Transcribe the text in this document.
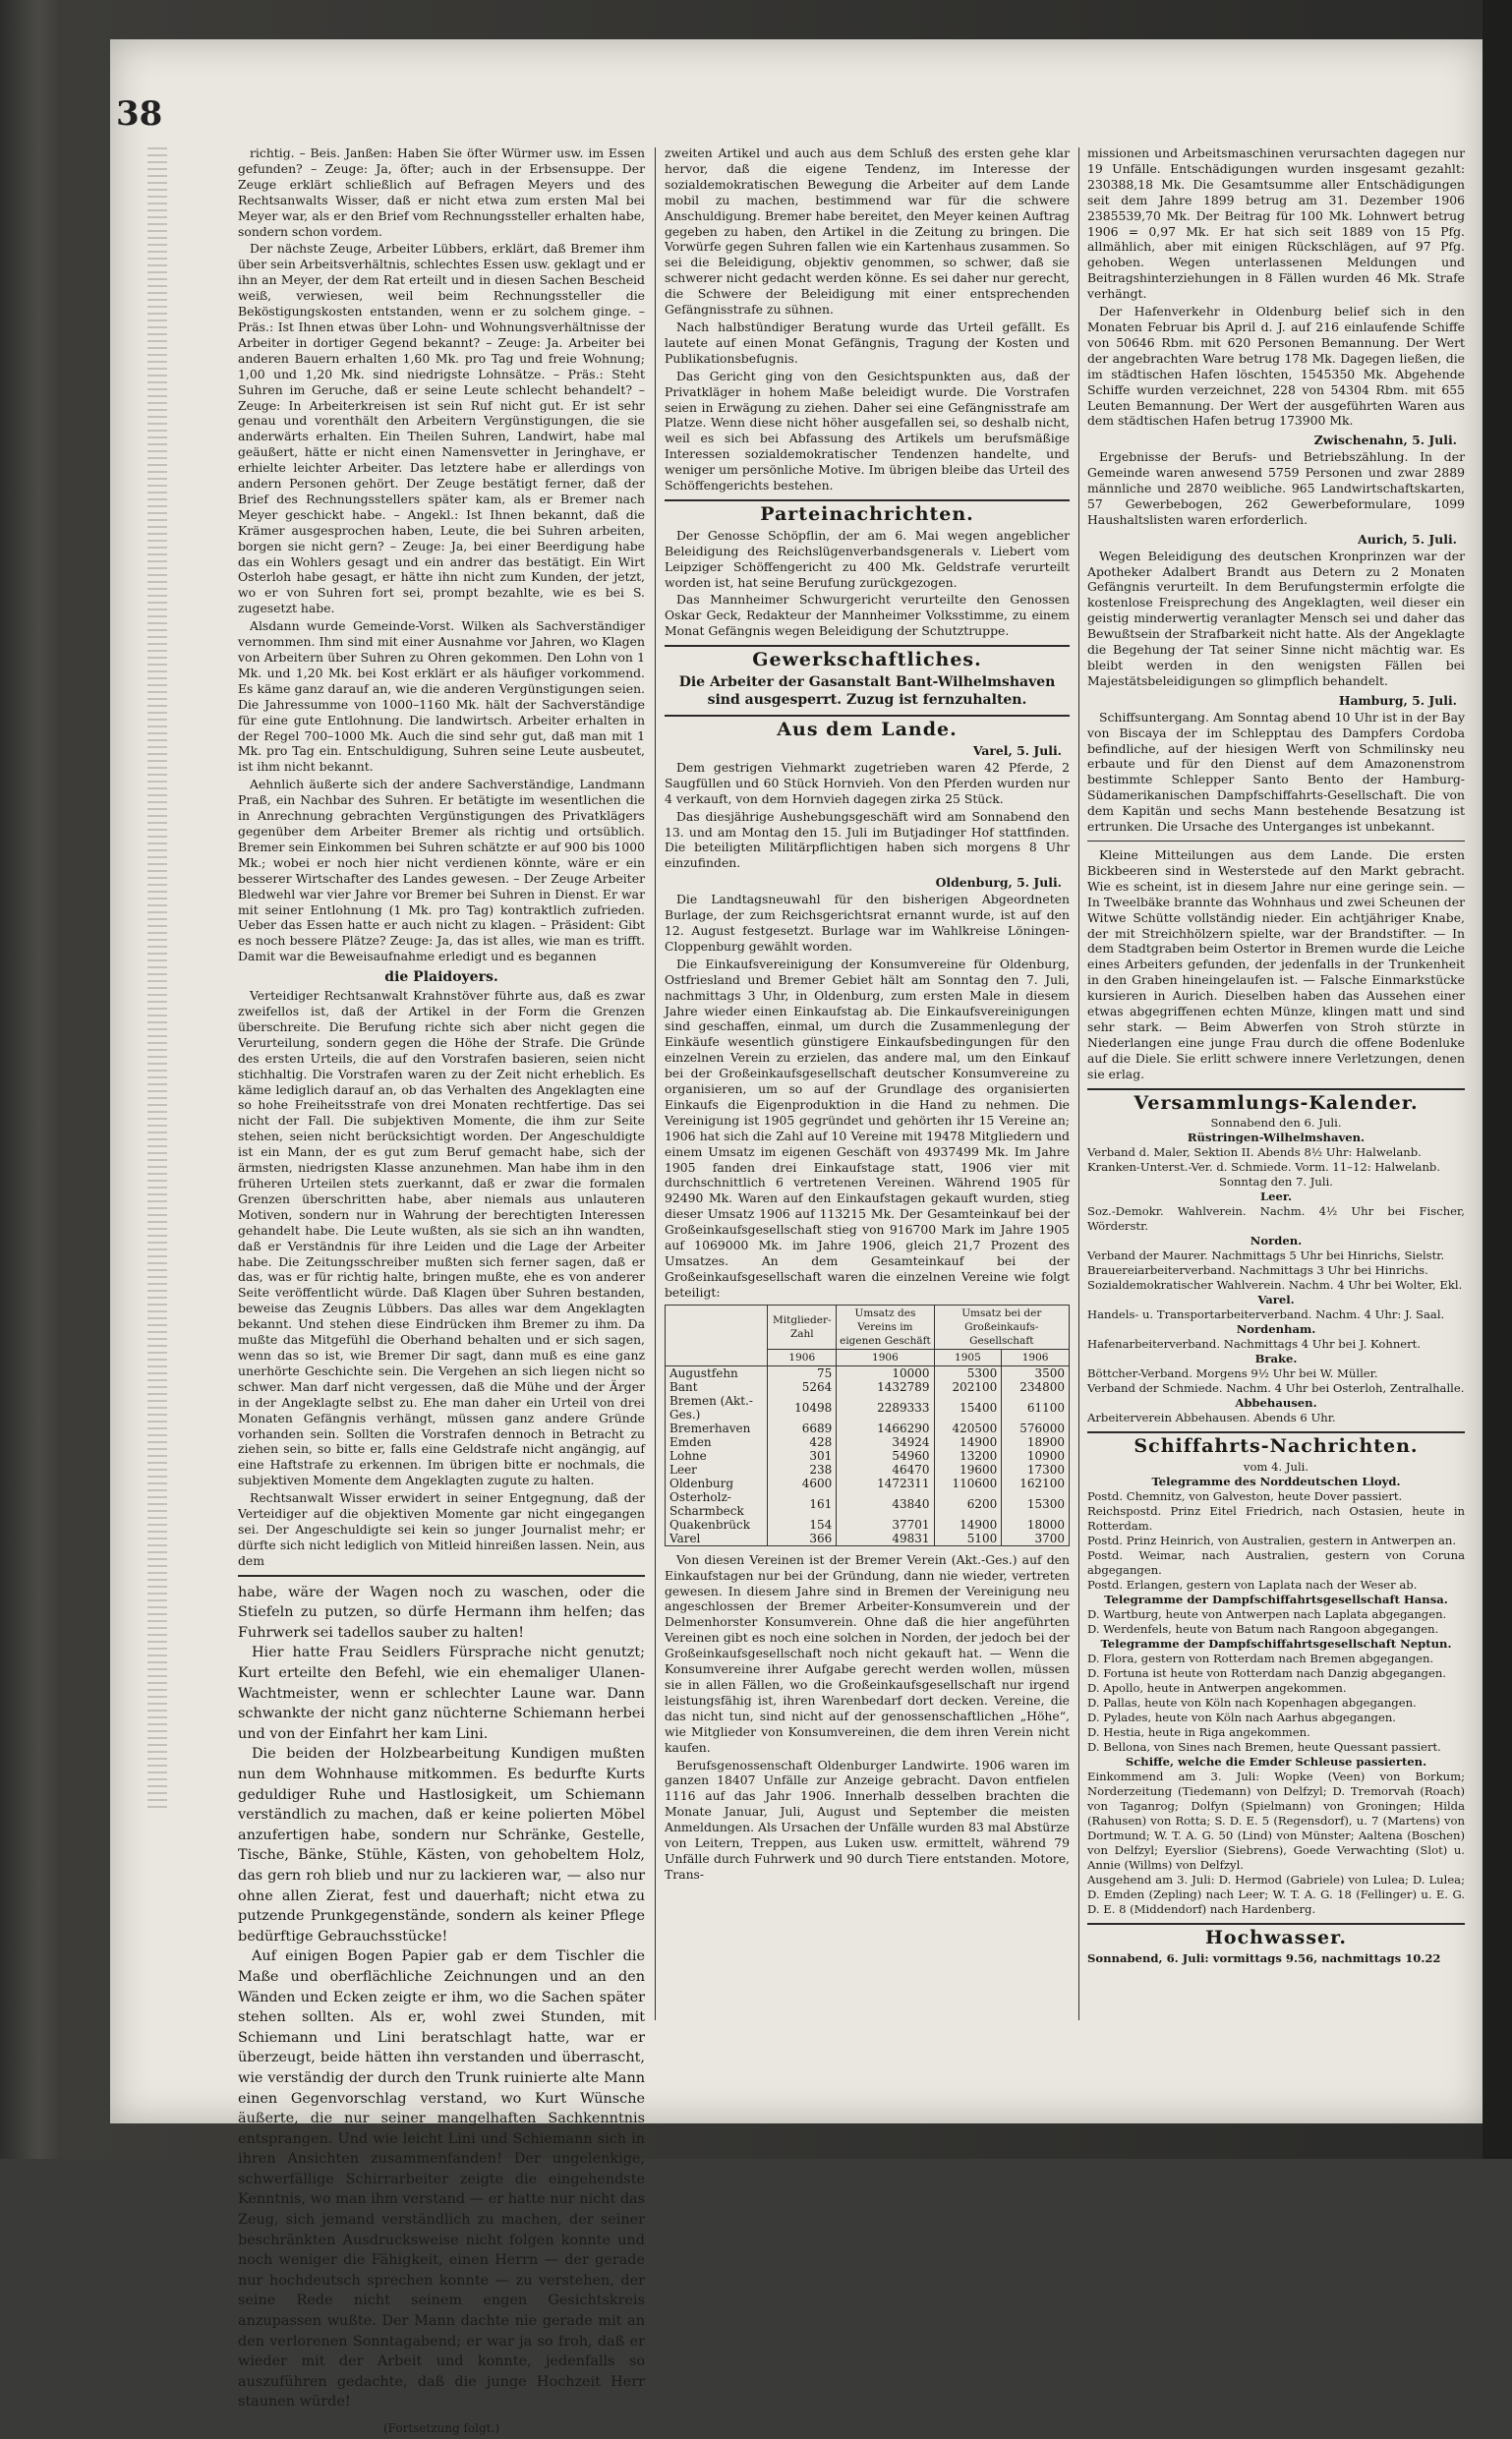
38

richtig. – Beis. Janßen: Haben Sie öfter Würmer usw. im Essen gefunden? – Zeuge: Ja, öfter; auch in der Erbsensuppe. Der Zeuge erklärt schließlich auf Befragen Meyers und des Rechtsanwalts Wisser, daß er nicht etwa zum ersten Mal bei Meyer war, als er den Brief vom Rechnungssteller erhalten habe, sondern schon vordem.

Der nächste Zeuge, Arbeiter Lübbers, erklärt, daß Bremer ihm über sein Arbeitsverhältnis, schlechtes Essen usw. geklagt und er ihn an Meyer, der dem Rat erteilt und in diesen Sachen Bescheid weiß, verwiesen, weil beim Rechnungssteller die Beköstigungskosten entstanden, wenn er zu solchem ginge. – Präs.: Ist Ihnen etwas über Lohn- und Wohnungsverhältnisse der Arbeiter in dortiger Gegend bekannt? – Zeuge: Ja. Arbeiter bei anderen Bauern erhalten 1,60 Mk. pro Tag und freie Wohnung; 1,00 und 1,20 Mk. sind niedrigste Lohnsätze. – Präs.: Steht Suhren im Geruche, daß er seine Leute schlecht behandelt? – Zeuge: In Arbeiterkreisen ist sein Ruf nicht gut. Er ist sehr genau und vorenthält den Arbeitern Vergünstigungen, die sie anderwärts erhalten. Ein Theilen Suhren, Landwirt, habe mal geäußert, hätte er nicht einen Namensvetter in Jeringhave, er erhielte leichter Arbeiter. Das letztere habe er allerdings von andern Personen gehört. Der Zeuge bestätigt ferner, daß der Brief des Rechnungsstellers später kam, als er Bremer nach Meyer geschickt habe. – Angekl.: Ist Ihnen bekannt, daß die Krämer ausgesprochen haben, Leute, die bei Suhren arbeiten, borgen sie nicht gern? – Zeuge: Ja, bei einer Beerdigung habe das ein Wohlers gesagt und ein andrer das bestätigt. Ein Wirt Osterloh habe gesagt, er hätte ihn nicht zum Kunden, der jetzt, wo er von Suhren fort sei, prompt bezahlte, wie es bei S. zugesetzt habe.

Alsdann wurde Gemeinde-Vorst. Wilken als Sachverständiger vernommen. Ihm sind mit einer Ausnahme vor Jahren, wo Klagen von Arbeitern über Suhren zu Ohren gekommen. Den Lohn von 1 Mk. und 1,20 Mk. bei Kost erklärt er als häufiger vorkommend. Es käme ganz darauf an, wie die anderen Vergünstigungen seien. Die Jahressumme von 1000–1160 Mk. hält der Sachverständige für eine gute Entlohnung. Die landwirtsch. Arbeiter erhalten in der Regel 700–1000 Mk. Auch die sind sehr gut, daß man mit 1 Mk. pro Tag ein. Entschuldigung, Suhren seine Leute ausbeutet, ist ihm nicht bekannt.

Aehnlich äußerte sich der andere Sachverständige, Landmann Praß, ein Nachbar des Suhren. Er betätigte im wesentlichen die in Anrechnung gebrachten Vergünstigungen des Privatklägers gegenüber dem Arbeiter Bremer als richtig und ortsüblich. Bremer sein Einkommen bei Suhren schätzte er auf 900 bis 1000 Mk.; wobei er noch hier nicht verdienen könnte, wäre er ein besserer Wirtschafter des Landes gewesen. – Der Zeuge Arbeiter Bledwehl war vier Jahre vor Bremer bei Suhren in Dienst. Er war mit seiner Entlohnung (1 Mk. pro Tag) kontraktlich zufrieden. Ueber das Essen hatte er auch nicht zu klagen. – Präsident: Gibt es noch bessere Plätze? Zeuge: Ja, das ist alles, wie man es trifft. Damit war die Beweisaufnahme erledigt und es begannen

die Plaidoyers.

Verteidiger Rechtsanwalt Krahnstöver führte aus, daß es zwar zweifellos ist, daß der Artikel in der Form die Grenzen überschreite. Die Berufung richte sich aber nicht gegen die Verurteilung, sondern gegen die Höhe der Strafe. Die Gründe des ersten Urteils, die auf den Vorstrafen basieren, seien nicht stichhaltig. Die Vorstrafen waren zu der Zeit nicht erheblich. Es käme lediglich darauf an, ob das Verhalten des Angeklagten eine so hohe Freiheitsstrafe von drei Monaten rechtfertige. Das sei nicht der Fall. Die subjektiven Momente, die ihm zur Seite stehen, seien nicht berücksichtigt worden. Der Angeschuldigte ist ein Mann, der es gut zum Beruf gemacht habe, sich der ärmsten, niedrigsten Klasse anzunehmen. Man habe ihm in den früheren Urteilen stets zuerkannt, daß er zwar die formalen Grenzen überschritten habe, aber niemals aus unlauteren Motiven, sondern nur in Wahrung der berechtigten Interessen gehandelt habe. Die Leute wußten, als sie sich an ihn wandten, daß er Verständnis für ihre Leiden und die Lage der Arbeiter habe. Die Zeitungsschreiber mußten sich ferner sagen, daß er das, was er für richtig halte, bringen mußte, ehe es von anderer Seite veröffentlicht würde. Daß Klagen über Suhren bestanden, beweise das Zeugnis Lübbers. Das alles war dem Angeklagten bekannt. Und stehen diese Eindrücken ihm Bremer zu ihm. Da mußte das Mitgefühl die Oberhand behalten und er sich sagen, wenn das so ist, wie Bremer Dir sagt, dann muß es eine ganz unerhörte Geschichte sein. Die Vergehen an sich liegen nicht so schwer. Man darf nicht vergessen, daß die Mühe und der Ärger in der Angeklagte selbst zu. Ehe man daher ein Urteil von drei Monaten Gefängnis verhängt, müssen ganz andere Gründe vorhanden sein. Sollten die Vorstrafen dennoch in Betracht zu ziehen sein, so bitte er, falls eine Geldstrafe nicht angängig, auf eine Haftstrafe zu erkennen. Im übrigen bitte er nochmals, die subjektiven Momente dem Angeklagten zugute zu halten.

Rechtsanwalt Wisser erwidert in seiner Entgegnung, daß der Verteidiger auf die objektiven Momente gar nicht eingegangen sei. Der Angeschuldigte sei kein so junger Journalist mehr; er dürfte sich nicht lediglich von Mitleid hinreißen lassen. Nein, aus dem

habe, wäre der Wagen noch zu waschen, oder die Stiefeln zu putzen, so dürfe Hermann ihm helfen; das Fuhrwerk sei tadellos sauber zu halten!

Hier hatte Frau Seidlers Fürsprache nicht genutzt; Kurt erteilte den Befehl, wie ein ehemaliger Ulanen-Wachtmeister, wenn er schlechter Laune war. Dann schwankte der nicht ganz nüchterne Schiemann herbei und von der Einfahrt her kam Lini.

Die beiden der Holzbearbeitung Kundigen mußten nun dem Wohnhause mitkommen. Es bedurfte Kurts geduldiger Ruhe und Hastlosigkeit, um Schiemann verständlich zu machen, daß er keine polierten Möbel anzufertigen habe, sondern nur Schränke, Gestelle, Tische, Bänke, Stühle, Kästen, von gehobeltem Holz, das gern roh blieb und nur zu lackieren war, — also nur ohne allen Zierat, fest und dauerhaft; nicht etwa zu putzende Prunkgegenstände, sondern als keiner Pflege bedürftige Gebrauchsstücke!

Auf einigen Bogen Papier gab er dem Tischler die Maße und oberflächliche Zeichnungen und an den Wänden und Ecken zeigte er ihm, wo die Sachen später stehen sollten. Als er, wohl zwei Stunden, mit Schiemann und Lini beratschlagt hatte, war er überzeugt, beide hätten ihn verstanden und überrascht, wie verständig der durch den Trunk ruinierte alte Mann einen Gegenvorschlag verstand, wo Kurt Wünsche äußerte, die nur seiner mangelhaften Sachkenntnis entsprangen. Und wie leicht Lini und Schiemann sich in ihren Ansichten zusammenfanden! Der ungelenkige, schwerfällige Schirrarbeiter zeigte die eingehendste Kenntnis, wo man ihm verstand — er hatte nur nicht das Zeug, sich jemand verständlich zu machen, der seiner beschränkten Ausdrucksweise nicht folgen konnte und noch weniger die Fähigkeit, einen Herrn — der gerade nur hochdeutsch sprechen konnte — zu verstehen, der seine Rede nicht seinem engen Gesichtskreis anzupassen wußte. Der Mann dachte nie gerade mit an den verlorenen Sonntagabend; er war ja so froh, daß er wieder mit der Arbeit und konnte, jedenfalls so auszuführen gedachte, daß die junge Hochzeit Herr staunen würde!

(Fortsetzung folgt.)

zweiten Artikel und auch aus dem Schluß des ersten gehe klar hervor, daß die eigene Tendenz, im Interesse der sozialdemokratischen Bewegung die Arbeiter auf dem Lande mobil zu machen, bestimmend war für die schwere Anschuldigung. Bremer habe bereitet, den Meyer keinen Auftrag gegeben zu haben, den Artikel in die Zeitung zu bringen. Die Vorwürfe gegen Suhren fallen wie ein Kartenhaus zusammen. So sei die Beleidigung, objektiv genommen, so schwer, daß sie schwerer nicht gedacht werden könne. Es sei daher nur gerecht, die Schwere der Beleidigung mit einer entsprechenden Gefängnisstrafe zu sühnen.

Nach halbstündiger Beratung wurde das Urteil gefällt. Es lautete auf einen Monat Gefängnis, Tragung der Kosten und Publikationsbefugnis.

Das Gericht ging von den Gesichtspunkten aus, daß der Privatkläger in hohem Maße beleidigt wurde. Die Vorstrafen seien in Erwägung zu ziehen. Daher sei eine Gefängnisstrafe am Platze. Wenn diese nicht höher ausgefallen sei, so deshalb nicht, weil es sich bei Abfassung des Artikels um berufsmäßige Interessen sozialdemokratischer Tendenzen handelte, und weniger um persönliche Motive. Im übrigen bleibe das Urteil des Schöffengerichts bestehen.

Parteinachrichten.

Der Genosse Schöpflin, der am 6. Mai wegen angeblicher Beleidigung des Reichslügenverbandsgenerals v. Liebert vom Leipziger Schöffengericht zu 400 Mk. Geldstrafe verurteilt worden ist, hat seine Berufung zurückgezogen.

Das Mannheimer Schwurgericht verurteilte den Genossen Oskar Geck, Redakteur der Mannheimer Volksstimme, zu einem Monat Gefängnis wegen Beleidigung der Schutztruppe.

Gewerkschaftliches.

Die Arbeiter der Gasanstalt Bant-Wilhelmshaven sind ausgesperrt. Zuzug ist fernzuhalten.

Aus dem Lande.
Varel, 5. Juli.

Dem gestrigen Viehmarkt zugetrieben waren 42 Pferde, 2 Saugfüllen und 60 Stück Hornvieh. Von den Pferden wurden nur 4 verkauft, von dem Hornvieh dagegen zirka 25 Stück.

Das diesjährige Aushebungsgeschäft wird am Sonnabend den 13. und am Montag den 15. Juli im Butjadinger Hof stattfinden. Die beteiligten Militärpflichtigen haben sich morgens 8 Uhr einzufinden.

Oldenburg, 5. Juli.

Die Landtagsneuwahl für den bisherigen Abgeordneten Burlage, der zum Reichsgerichtsrat ernannt wurde, ist auf den 12. August festgesetzt. Burlage war im Wahlkreise Löningen-Cloppenburg gewählt worden.

Die Einkaufsvereinigung der Konsumvereine für Oldenburg, Ostfriesland und Bremer Gebiet hält am Sonntag den 7. Juli, nachmittags 3 Uhr, in Oldenburg, zum ersten Male in diesem Jahre wieder einen Einkaufstag ab. Die Einkaufsvereinigungen sind geschaffen, einmal, um durch die Zusammenlegung der Einkäufe wesentlich günstigere Einkaufsbedingungen für den einzelnen Verein zu erzielen, das andere mal, um den Einkauf bei der Großeinkaufsgesellschaft deutscher Konsumvereine zu organisieren, um so auf der Grundlage des organisierten Einkaufs die Eigenproduktion in die Hand zu nehmen. Die Vereinigung ist 1905 gegründet und gehörten ihr 15 Vereine an; 1906 hat sich die Zahl auf 10 Vereine mit 19478 Mitgliedern und einem Umsatz im eigenen Geschäft von 4937499 Mk. Im Jahre 1905 fanden drei Einkaufstage statt, 1906 vier mit durchschnittlich 6 vertretenen Vereinen. Während 1905 für 92490 Mk. Waren auf den Einkaufstagen gekauft wurden, stieg dieser Umsatz 1906 auf 113215 Mk. Der Gesamteinkauf bei der Großeinkaufsgesellschaft stieg von 916700 Mark im Jahre 1905 auf 1069000 Mk. im Jahre 1906, gleich 21,7 Prozent des Umsatzes. An dem Gesamteinkauf bei der Großeinkaufsgesellschaft waren die einzelnen Vereine wie folgt beteiligt:

	Mitglieder-Zahl	Umsatz des Vereins im eigenen Geschäft	Umsatz bei der Großeinkaufs-Gesellschaft	
	1906	1906	1905	1906
Augustfehn	75	10000	5300	3500
Bant	5264	1432789	202100	234800
Bremen (Akt.-Ges.)	10498	2289333	15400	61100
Bremerhaven	6689	1466290	420500	576000
Emden	428	34924	14900	18900
Lohne	301	54960	13200	10900
Leer	238	46470	19600	17300
Oldenburg	4600	1472311	110600	162100
Osterholz-Scharmbeck	161	43840	6200	15300
Quakenbrück	154	37701	14900	18000
Varel	366	49831	5100	3700

Von diesen Vereinen ist der Bremer Verein (Akt.-Ges.) auf den Einkaufstagen nur bei der Gründung, dann nie wieder, vertreten gewesen. In diesem Jahre sind in Bremen der Vereinigung neu angeschlossen der Bremer Arbeiter-Konsumverein und der Delmenhorster Konsumverein. Ohne daß die hier angeführten Vereinen gibt es noch eine solchen in Norden, der jedoch bei der Großeinkaufsgesellschaft noch nicht gekauft hat. — Wenn die Konsumvereine ihrer Aufgabe gerecht werden wollen, müssen sie in allen Fällen, wo die Großeinkaufsgesellschaft nur irgend leistungsfähig ist, ihren Warenbedarf dort decken. Vereine, die das nicht tun, sind nicht auf der genossenschaftlichen „Höhe“, wie Mitglieder von Konsumvereinen, die dem ihren Verein nicht kaufen.

Berufsgenossenschaft Oldenburger Landwirte. 1906 waren im ganzen 18407 Unfälle zur Anzeige gebracht. Davon entfielen 1116 auf das Jahr 1906. Innerhalb desselben brachten die Monate Januar, Juli, August und September die meisten Anmeldungen. Als Ursachen der Unfälle wurden 83 mal Abstürze von Leitern, Treppen, aus Luken usw. ermittelt, während 79 Unfälle durch Fuhrwerk und 90 durch Tiere entstanden. Motore, Trans-

missionen und Arbeitsmaschinen verursachten dagegen nur 19 Unfälle. Entschädigungen wurden insgesamt gezahlt: 230388,18 Mk. Die Gesamtsumme aller Entschädigungen seit dem Jahre 1899 betrug am 31. Dezember 1906 2385539,70 Mk. Der Beitrag für 100 Mk. Lohnwert betrug 1906 = 0,97 Mk. Er hat sich seit 1889 von 15 Pfg. allmählich, aber mit einigen Rückschlägen, auf 97 Pfg. gehoben. Wegen unterlassenen Meldungen und Beitragshinterziehungen in 8 Fällen wurden 46 Mk. Strafe verhängt.

Der Hafenverkehr in Oldenburg belief sich in den Monaten Februar bis April d. J. auf 216 einlaufende Schiffe von 50646 Rbm. mit 620 Personen Bemannung. Der Wert der angebrachten Ware betrug 178 Mk. Dagegen ließen, die im städtischen Hafen löschten, 1545350 Mk. Abgehende Schiffe wurden verzeichnet, 228 von 54304 Rbm. mit 655 Leuten Bemannung. Der Wert der ausgeführten Waren aus dem städtischen Hafen betrug 173900 Mk.

Zwischenahn, 5. Juli.

Ergebnisse der Berufs- und Betriebszählung. In der Gemeinde waren anwesend 5759 Personen und zwar 2889 männliche und 2870 weibliche. 965 Landwirtschaftskarten, 57 Gewerbebogen, 262 Gewerbeformulare, 1099 Haushaltslisten waren erforderlich.

Aurich, 5. Juli.

Wegen Beleidigung des deutschen Kronprinzen war der Apotheker Adalbert Brandt aus Detern zu 2 Monaten Gefängnis verurteilt. In dem Berufungstermin erfolgte die kostenlose Freisprechung des Angeklagten, weil dieser ein geistig minderwertig veranlagter Mensch sei und daher das Bewußtsein der Strafbarkeit nicht hatte. Als der Angeklagte die Begehung der Tat seiner Sinne nicht mächtig war. Es bleibt werden in den wenigsten Fällen bei Majestätsbeleidigungen so glimpflich behandelt.

Hamburg, 5. Juli.

Schiffsuntergang. Am Sonntag abend 10 Uhr ist in der Bay von Biscaya der im Schlepptau des Dampfers Cordoba befindliche, auf der hiesigen Werft von Schmilinsky neu erbaute und für den Dienst auf dem Amazonenstrom bestimmte Schlepper Santo Bento der Hamburg-Südamerikanischen Dampfschiffahrts-Gesellschaft. Die von dem Kapitän und sechs Mann bestehende Besatzung ist ertrunken. Die Ursache des Unterganges ist unbekannt.

Kleine Mitteilungen aus dem Lande. Die ersten Bickbeeren sind in Westerstede auf den Markt gebracht. Wie es scheint, ist in diesem Jahre nur eine geringe sein. — In Tweelbäke brannte das Wohnhaus und zwei Scheunen der Witwe Schütte vollständig nieder. Ein achtjähriger Knabe, der mit Streichhölzern spielte, war der Brandstifter. — In dem Stadtgraben beim Ostertor in Bremen wurde die Leiche eines Arbeiters gefunden, der jedenfalls in der Trunkenheit in den Graben hineingelaufen ist. — Falsche Einmarkstücke kursieren in Aurich. Dieselben haben das Aussehen einer etwas abgegriffenen echten Münze, klingen matt und sind sehr stark. — Beim Abwerfen von Stroh stürzte in Niederlangen eine junge Frau durch die offene Bodenluke auf die Diele. Sie erlitt schwere innere Verletzungen, denen sie erlag.

Versammlungs-Kalender.
Sonnabend den 6. Juli.
Rüstringen-Wilhelmshaven.
Verband d. Maler, Sektion II. Abends 8½ Uhr: Halwelanb.
Kranken-Unterst.-Ver. d. Schmiede. Vorm. 11–12: Halwelanb.
Sonntag den 7. Juli.
Leer.
Soz.-Demokr. Wahlverein. Nachm. 4½ Uhr bei Fischer, Wörderstr.
Norden.
Verband der Maurer. Nachmittags 5 Uhr bei Hinrichs, Sielstr.
Brauereiarbeiterverband. Nachmittags 3 Uhr bei Hinrichs.
Sozialdemokratischer Wahlverein. Nachm. 4 Uhr bei Wolter, Ekl.
Varel.
Handels- u. Transportarbeiterverband. Nachm. 4 Uhr: J. Saal.
Nordenham.
Hafenarbeiterverband. Nachmittags 4 Uhr bei J. Kohnert.
Brake.
Böttcher-Verband. Morgens 9½ Uhr bei W. Müller.
Verband der Schmiede. Nachm. 4 Uhr bei Osterloh, Zentralhalle.
Abbehausen.
Arbeiterverein Abbehausen. Abends 6 Uhr.
Schiffahrts-Nachrichten.
vom 4. Juli.
Telegramme des Norddeutschen Lloyd.
Postd. Chemnitz, von Galveston, heute Dover passiert.
Reichspostd. Prinz Eitel Friedrich, nach Ostasien, heute in Rotterdam.
Postd. Prinz Heinrich, von Australien, gestern in Antwerpen an.
Postd. Weimar, nach Australien, gestern von Coruna abgegangen.
Postd. Erlangen, gestern von Laplata nach der Weser ab.
Telegramme der Dampfschiffahrtsgesellschaft Hansa.
D. Wartburg, heute von Antwerpen nach Laplata abgegangen.
D. Werdenfels, heute von Batum nach Rangoon abgegangen.
Telegramme der Dampfschiffahrtsgesellschaft Neptun.
D. Flora, gestern von Rotterdam nach Bremen abgegangen.
D. Fortuna ist heute von Rotterdam nach Danzig abgegangen.
D. Apollo, heute in Antwerpen angekommen.
D. Pallas, heute von Köln nach Kopenhagen abgegangen.
D. Pylades, heute von Köln nach Aarhus abgegangen.
D. Hestia, heute in Riga angekommen.
D. Bellona, von Sines nach Bremen, heute Quessant passiert.
Schiffe, welche die Emder Schleuse passierten.
Einkommend am 3. Juli: Wopke (Veen) von Borkum; Norderzeitung (Tiedemann) von Delfzyl; D. Tremorvah (Roach) von Taganrog; Dolfyn (Spielmann) von Groningen; Hilda (Rahusen) von Rotta; S. D. E. 5 (Regensdorf), u. 7 (Martens) von Dortmund; W. T. A. G. 50 (Lind) von Münster; Aaltena (Boschen) von Delfzyl; Eyerslior (Siebrens), Goede Verwachting (Slot) u. Annie (Willms) von Delfzyl.
Ausgehend am 3. Juli: D. Hermod (Gabriele) von Lulea; D. Lulea; D. Emden (Zepling) nach Leer; W. T. A. G. 18 (Fellinger) u. E. G. D. E. 8 (Middendorf) nach Hardenberg.
Hochwasser.
Sonnabend, 6. Juli: vormittags 9.56, nachmittags 10.22
